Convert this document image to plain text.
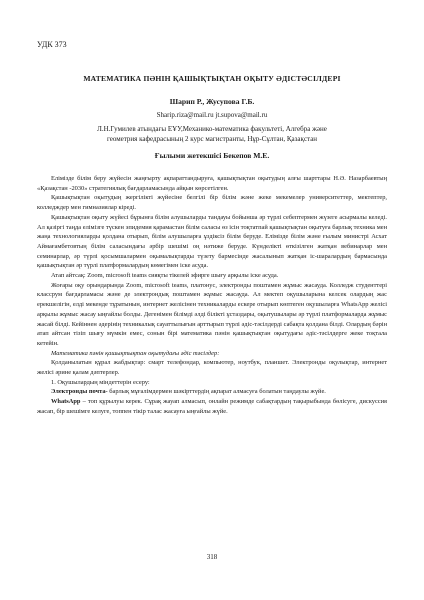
УДК 373
МАТЕМАТИКА ПӘНІН ҚАШЫҚТЫҚТАН ОҚЫТУ ӘДІСТӘСІЛДЕРІ
Шарип Р., Жусупова Г.Б.
Sharip.riza@mail.ru jt.supova@mail.ru
Л.Н.Гумилев атындағы ЕҰУ,Механико-математика факультеті, Алгебра және геометрия кафедрасының 2 курс магистранты, Нұр-Сұлтан, Қазақстан
Ғылыми жетекшісі Бекепов М.Е.

Еліміздe білім беру жүйесін жаңғырту ақпараттандыруға, қашықтықтан оқытудың алғы шарттары Н.Ә. Назарбаевтың «Қазақстан -2030» стратегиялық бағдарламасында айқын көрсетілген.

Қашықтықтан оқытудың жергілікті жүйесіне белгілі бір білім және жеке мекемелер университеттер, мектептер, колледждер мен гимназиялар кіреді.

Қашықтықтан оқыту жүйесі бұрынға білім алушыларды тандауы бойынша әр түрлі себептермен жүзеге асырмалы келеді. Ал қазіргі таңда елімізге түскен эпидемия қарамастан білім саласы өз ісін тоқтатпай қашықтықтан оқытуға барлық техника мен жаңа технологияларды қолдана отырып, білім алушыларға ұздіксіз білім беруде. Елімізде білім және ғылым министрі Асхат Аймағамбетовтың білім саласындағы әрбір шешімі оң нәтиже беруде. Күнделікті өткізілген жатқан вебинарлар мен семинарлар, әр түрлі қосымшалармен оқымалықтарды түзету бармесінде жасалынып жатқан іс-шаралардың бармасында қашықтықтан әр түрлі платформалардың көмегімен іске асуда.

Атап айтсақ: Zoom, microsoft teams сияқты тікелей эфирге шығу арқылы іске асуда.

Жоғары оқу орындарында Zoom, microsoft teams, платонус, электронды поштамен жұмыс жасауда. Колледж студенттері классрум бағдарламасы және де электрондық поштамен жұмыс жасауда. Ал мектеп оқушыларына келсек олардың жас ерекшелігін, елді мекенде тұратынын, интернет желісінен техникаларды ескере отырып көптеген оқушыларға WhatsApp желісі арқылы жұмыс жасау ыңғайлы болды. Дегенімен білімді әлді білікті ұстаздары, оқытушылары әр түрлі платформаларда жұмыс жасай білді. Кейіннен әдерінің техникалық сауаттылығын арттырып түрлі әдіс-тәсілдерді сабақта қолдана білді. Олардың бәрін атап айтсан тізіп шығу мүмкін емес, сонын бірі математика пәнін қашықтықтан оқытудағы әдіс-тәсілдерге жеке тоқтала кетейін.

Математика пәнін қашықтықтан оқытудағы әдіс тәсілдер:

Қолданылатын құрал жабдықтар: смарт телефондар, компьютер, ноутбук, планшет. Электронды оқулықтар, интернет желісі әрине қалам дәптерлер.

1. Оқушылардың міндеттерін есеру:

Электронды почта- барлық мұғалімдермен шәкірттердің ақпарат алмасуға болатын таңдаулы жүйе.

WhatsApp – топ құрылуы керек. Сұрақ жауап алмасып, онлайн режимде сабақтардың тақырыбында бөлісуге, дискуссия жасап, бір шешімге келуге, топпен тікір талас жасауға ыңғайлы жүйе.

318
